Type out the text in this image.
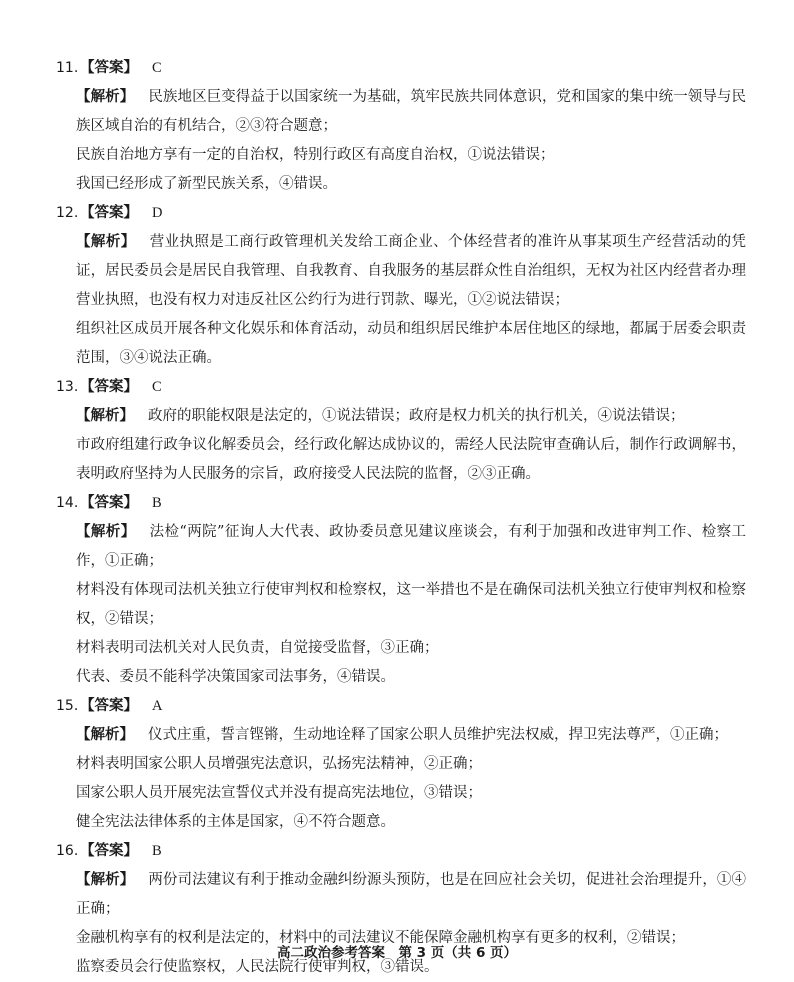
11. 【答案】 C
【解析】 民族地区巨变得益于以国家统一为基础，筑牢民族共同体意识，党和国家的集中统一领导与民族区域自治的有机结合，②③符合题意；
民族自治地方享有一定的自治权，特别行政区有高度自治权，①说法错误；
我国已经形成了新型民族关系，④错误。
12. 【答案】 D
【解析】 营业执照是工商行政管理机关发给工商企业、个体经营者的准许从事某项生产经营活动的凭证，居民委员会是居民自我管理、自我教育、自我服务的基层群众性自治组织，无权为社区内经营者办理营业执照，也没有权力对违反社区公约行为进行罚款、曝光，①②说法错误；
组织社区成员开展各种文化娱乐和体育活动，动员和组织居民维护本居住地区的绿地，都属于居委会职责范围，③④说法正确。
13. 【答案】 C
【解析】 政府的职能权限是法定的，①说法错误；政府是权力机关的执行机关，④说法错误；
市政府组建行政争议化解委员会，经行政化解达成协议的，需经人民法院审查确认后，制作行政调解书，表明政府坚持为人民服务的宗旨，政府接受人民法院的监督，②③正确。
14. 【答案】 B
【解析】 法检“两院”征询人大代表、政协委员意见建议座谈会，有利于加强和改进审判工作、检察工作，①正确；
材料没有体现司法机关独立行使审判权和检察权，这一举措也不是在确保司法机关独立行使审判权和检察权，②错误；
材料表明司法机关对人民负责，自觉接受监督，③正确；
代表、委员不能科学决策国家司法事务，④错误。
15. 【答案】 A
【解析】 仪式庄重，誓言铿锵，生动地诠释了国家公职人员维护宪法权威，捍卫宪法尊严，①正确；
材料表明国家公职人员增强宪法意识，弘扬宪法精神，②正确；
国家公职人员开展宪法宣誓仪式并没有提高宪法地位，③错误；
健全宪法法律体系的主体是国家，④不符合题意。
16. 【答案】 B
【解析】 两份司法建议有利于推动金融纠纷源头预防，也是在回应社会关切，促进社会治理提升，①④正确；
金融机构享有的权利是法定的，材料中的司法建议不能保障金融机构享有更多的权利，②错误；
监察委员会行使监察权，人民法院行使审判权，③错误。
高二政治参考答案　第 3 页（共 6 页）
